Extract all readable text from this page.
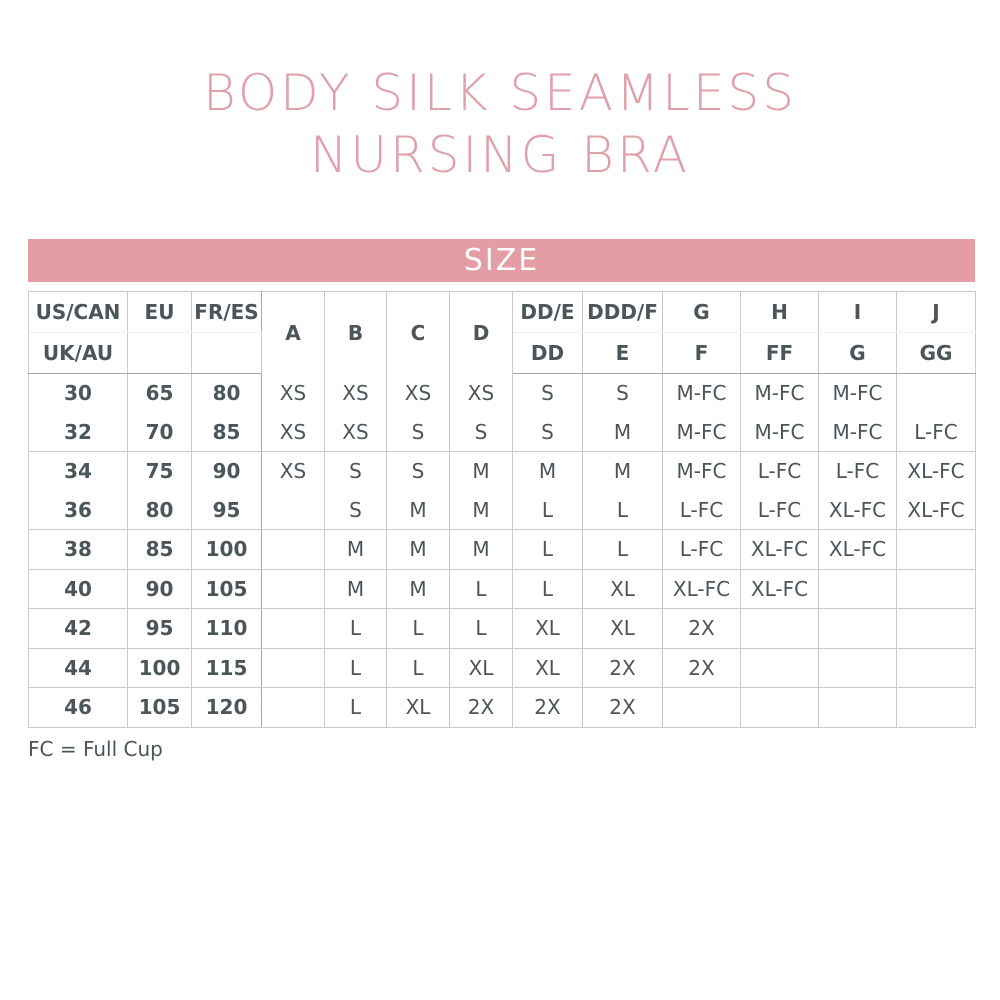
BODY SILK SEAMLESS
NURSING BRA
SIZE
US/CAN	EU	FR/ES	A	B	C	D	DD/E	DDD/F	G	H	I	J
UK/AU							DD	E	F	FF	G	GG
30	65	80	XS	XS	XS	XS	S	S	M-FC	M-FC	M-FC	
32	70	85	XS	XS	S	S	S	M	M-FC	M-FC	M-FC	L-FC
34	75	90	XS	S	S	M	M	M	M-FC	L-FC	L-FC	XL-FC
36	80	95		S	M	M	L	L	L-FC	L-FC	XL-FC	XL-FC
38	85	100		M	M	M	L	L	L-FC	XL-FC	XL-FC	
40	90	105		M	M	L	L	XL	XL-FC	XL-FC		
42	95	110		L	L	L	XL	XL	2X			
44	100	115		L	L	XL	XL	2X	2X			
46	105	120		L	XL	2X	2X	2X				
FC = Full Cup
